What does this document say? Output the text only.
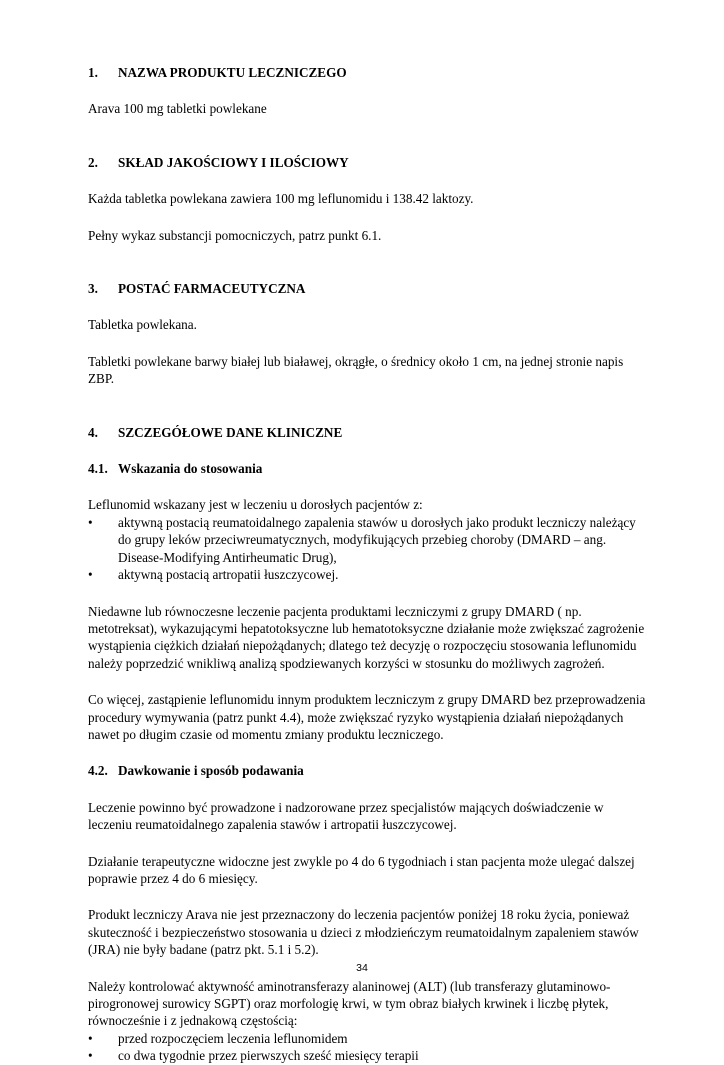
1.	NAZWA PRODUKTU LECZNICZEGO

Arava 100 mg tabletki powlekane

2.	SKŁAD JAKOŚCIOWY I ILOŚCIOWY

Każda tabletka powlekana zawiera 100 mg leflunomidu i 138.42 laktozy.

Pełny wykaz substancji pomocniczych, patrz punkt 6.1.

3.	POSTAĆ FARMACEUTYCZNA

Tabletka powlekana.

Tabletki powlekane barwy białej lub białawej, okrągłe, o średnicy około 1 cm, na jednej stronie napis ZBP.

4.	SZCZEGÓŁOWE DANE KLINICZNE
4.1. Wskazania do stosowania

Leflunomid wskazany jest w leczeniu u dorosłych pacjentów z:

•	aktywną postacią reumatoidalnego zapalenia stawów u dorosłych jako produkt leczniczy należący do grupy leków przeciwreumatycznych, modyfikujących przebieg choroby (DMARD – ang. Disease-Modifying Antirheumatic Drug),
•	aktywną postacią artropatii łuszczycowej.

Niedawne lub równoczesne leczenie pacjenta produktami leczniczymi z grupy DMARD ( np. metotreksat), wykazującymi hepatotoksyczne lub hematotoksyczne działanie może zwiększać zagrożenie wystąpienia ciężkich działań niepożądanych; dlatego też decyzję o rozpoczęciu stosowania leflunomidu należy poprzedzić wnikliwą analizą spodziewanych korzyści w stosunku do możliwych zagrożeń.

Co więcej, zastąpienie leflunomidu innym produktem leczniczym z grupy DMARD bez przeprowadzenia procedury wymywania (patrz punkt 4.4), może zwiększać ryzyko wystąpienia działań niepożądanych nawet po długim czasie od momentu zmiany produktu leczniczego.

4.2. Dawkowanie i sposób podawania

Leczenie powinno być prowadzone i nadzorowane przez specjalistów mających doświadczenie w leczeniu reumatoidalnego zapalenia stawów i artropatii łuszczycowej.

Działanie terapeutyczne widoczne jest zwykle po 4 do 6 tygodniach i stan pacjenta może ulegać dalszej poprawie przez 4 do 6 miesięcy.

Produkt leczniczy Arava nie jest przeznaczony do leczenia pacjentów poniżej 18 roku życia, ponieważ skuteczność i bezpieczeństwo stosowania u dzieci z młodzieńczym reumatoidalnym zapaleniem stawów (JRA) nie były badane (patrz pkt. 5.1 i 5.2).

Należy kontrolować aktywność aminotransferazy alaninowej (ALT) (lub transferazy glutaminowo-pirogronowej surowicy SGPT) oraz morfologię krwi, w tym obraz białych krwinek i liczbę płytek, równocześnie i z jednakową częstością:

•	przed rozpoczęciem leczenia leflunomidem
•	co dwa tygodnie przez pierwszych sześć miesięcy terapii
34
